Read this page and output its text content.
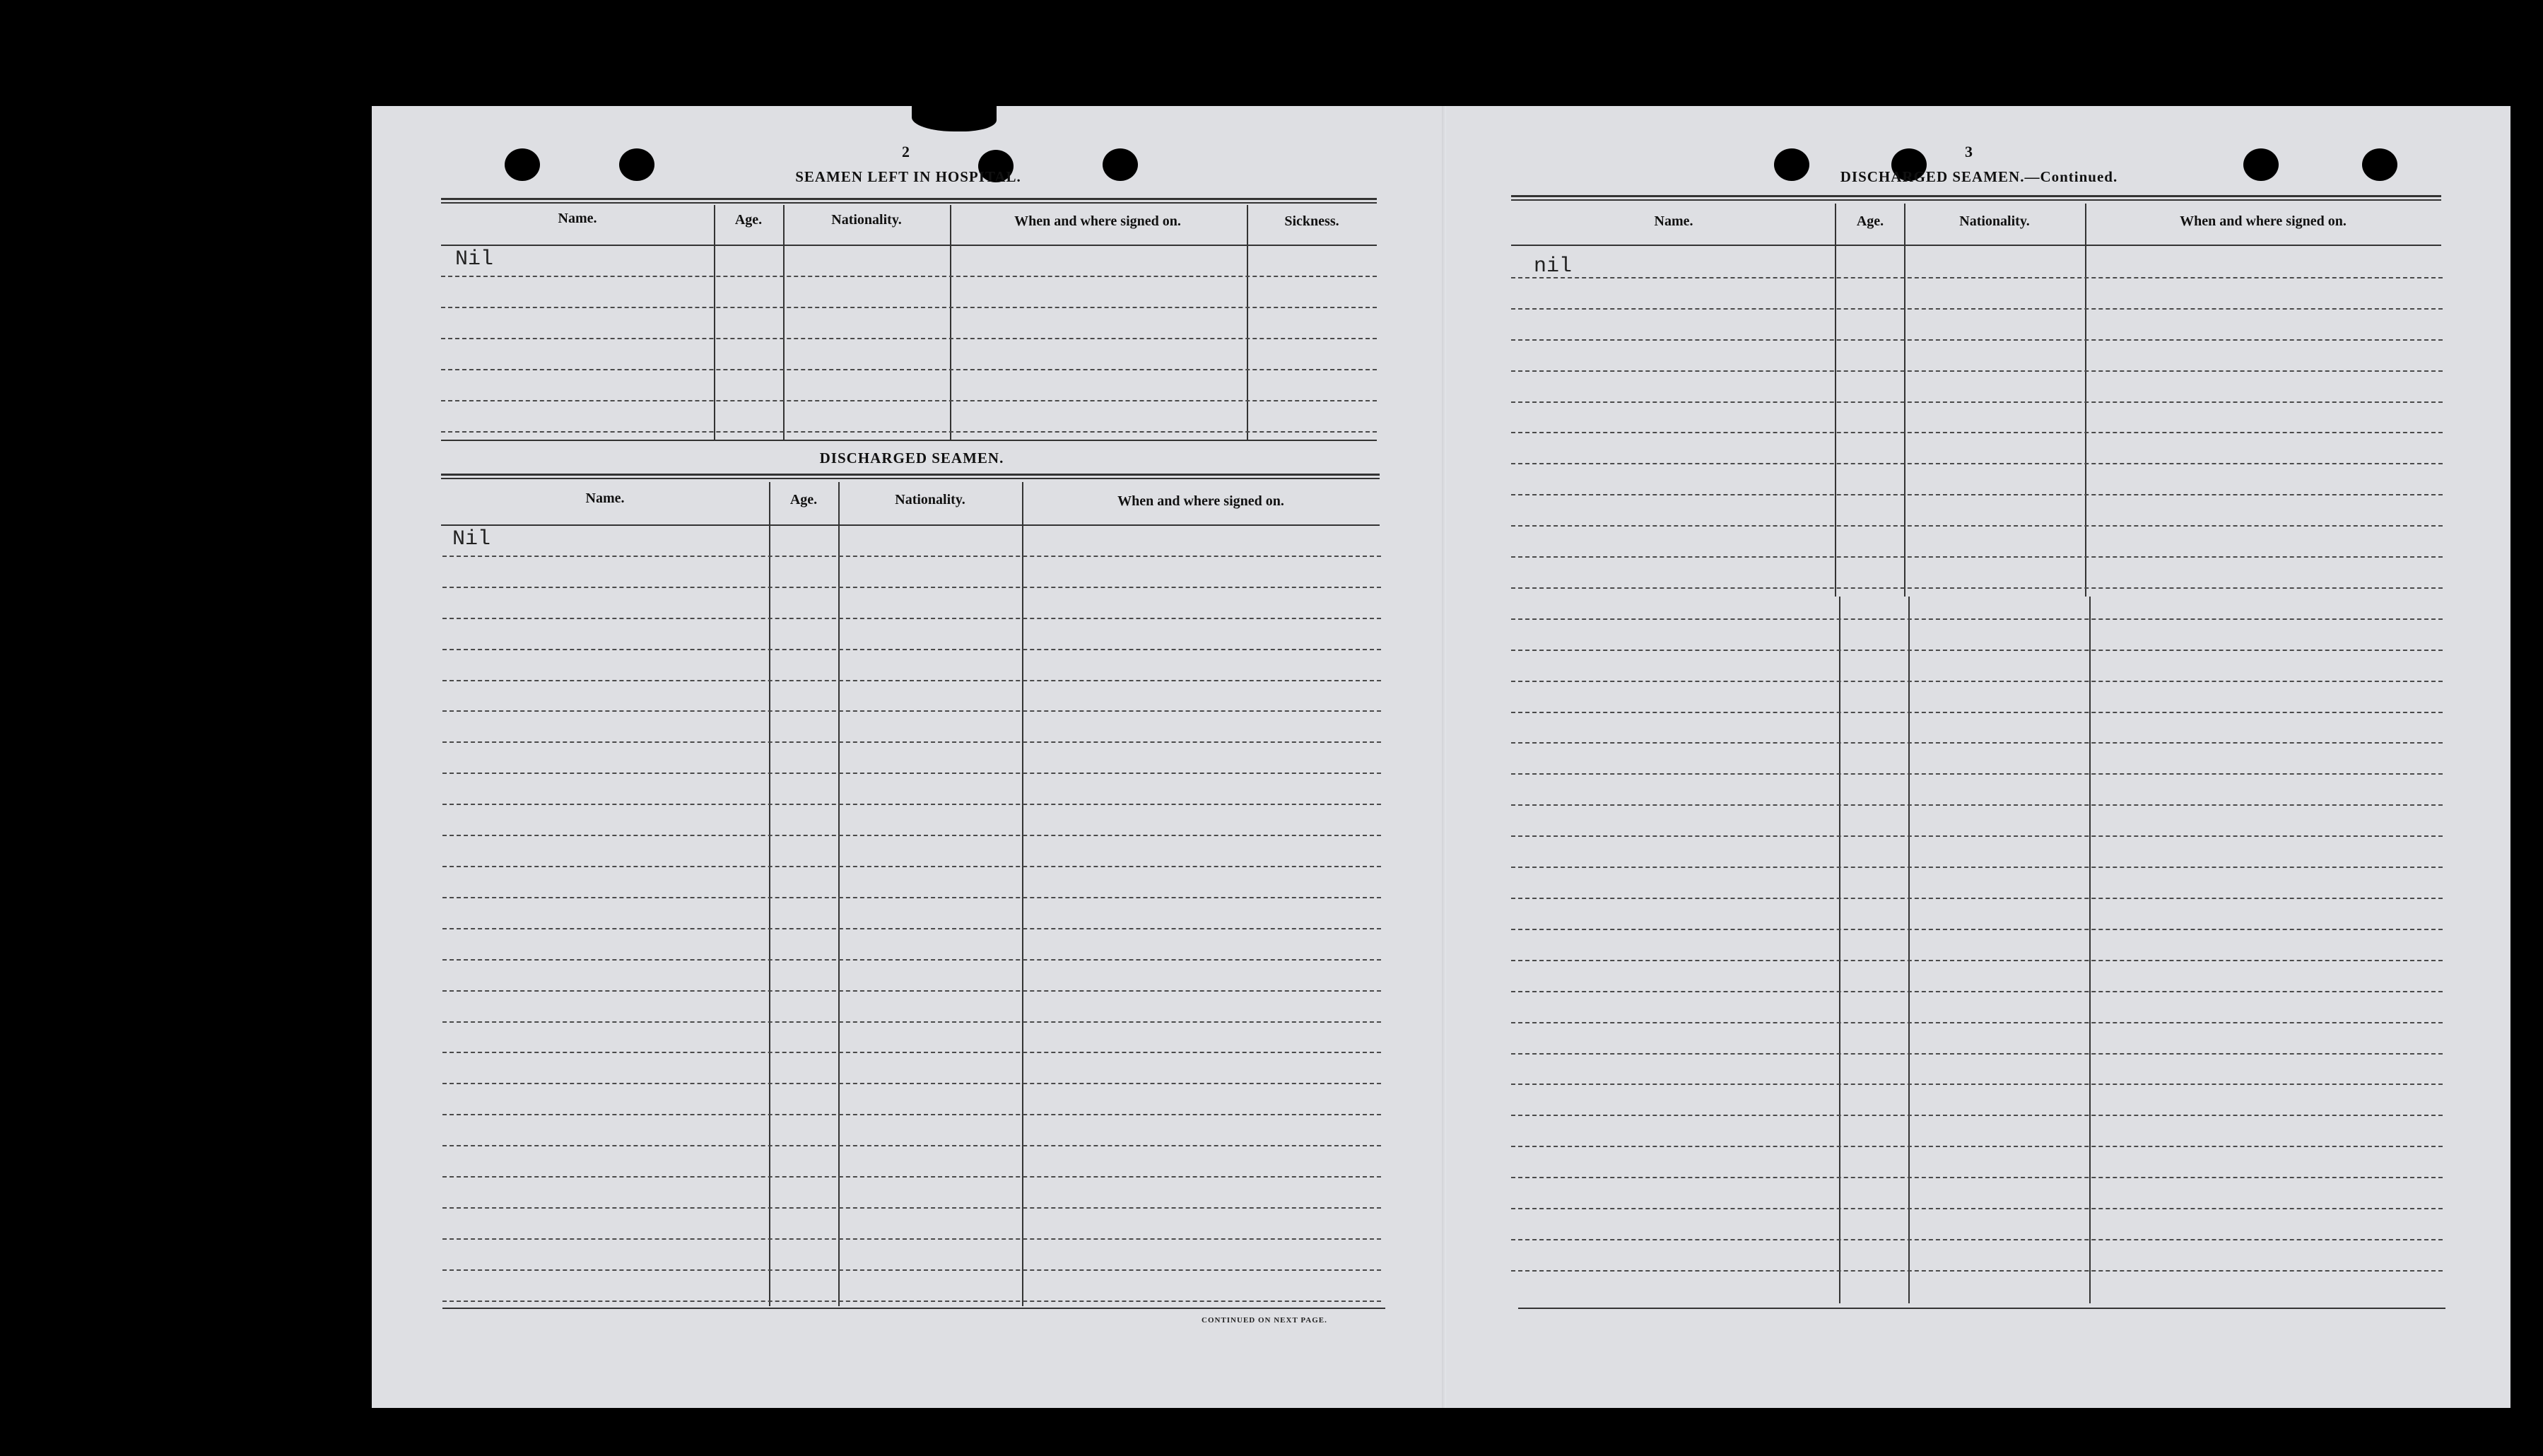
2
SEAMEN LEFT IN HOSPITAL.
Name.	Age.	Nationality.	When and where signed on.	Sickness.
Nil
DISCHARGED SEAMEN.
Name.	Age.	Nationality.	When and where signed on.
Nil
CONTINUED ON NEXT PAGE.
3
DISCHARGED SEAMEN.—Continued.
Name.	Age.	Nationality.	When and where signed on.
nil
